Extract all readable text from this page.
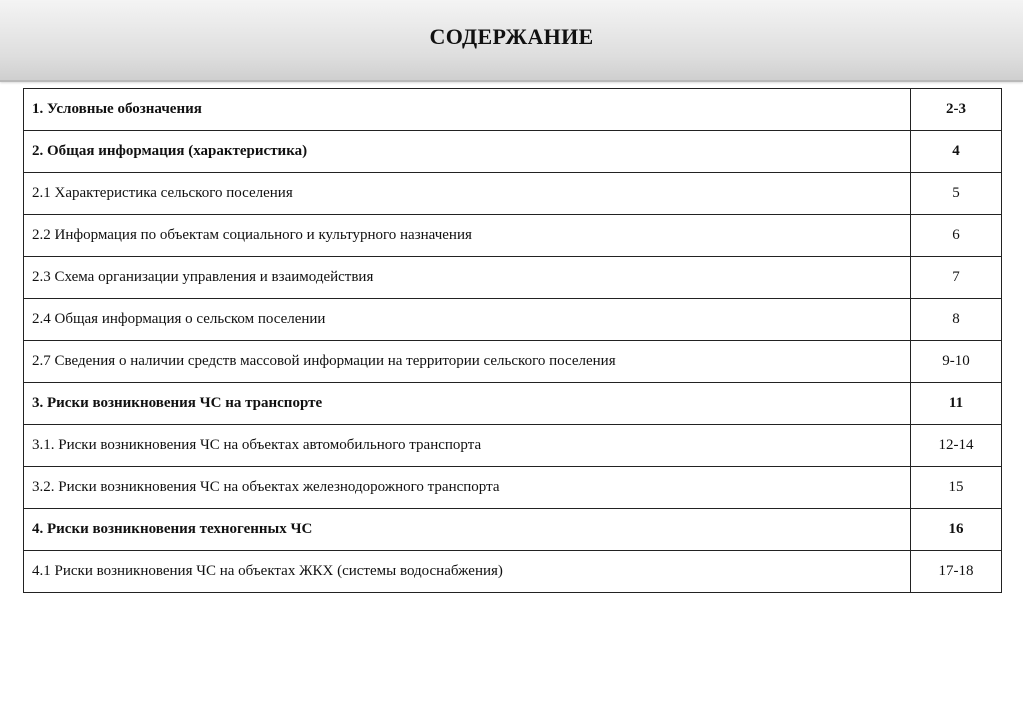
СОДЕРЖАНИЕ
1. Условные обозначения	2-3
2. Общая информация (характеристика)	4
2.1 Характеристика сельского поселения	5
2.2 Информация по объектам социального и культурного назначения	6
2.3 Схема организации управления и взаимодействия	7
2.4 Общая информация о сельском поселении	8
2.7 Сведения о наличии средств массовой информации на территории сельского поселения	9-10
3. Риски возникновения ЧС на транспорте	11
3.1. Риски возникновения ЧС на объектах автомобильного транспорта	12-14
3.2. Риски возникновения ЧС на объектах железнодорожного транспорта	15
4. Риски возникновения техногенных ЧС	16
4.1 Риски возникновения ЧС на объектах ЖКХ (системы водоснабжения)	17-18
